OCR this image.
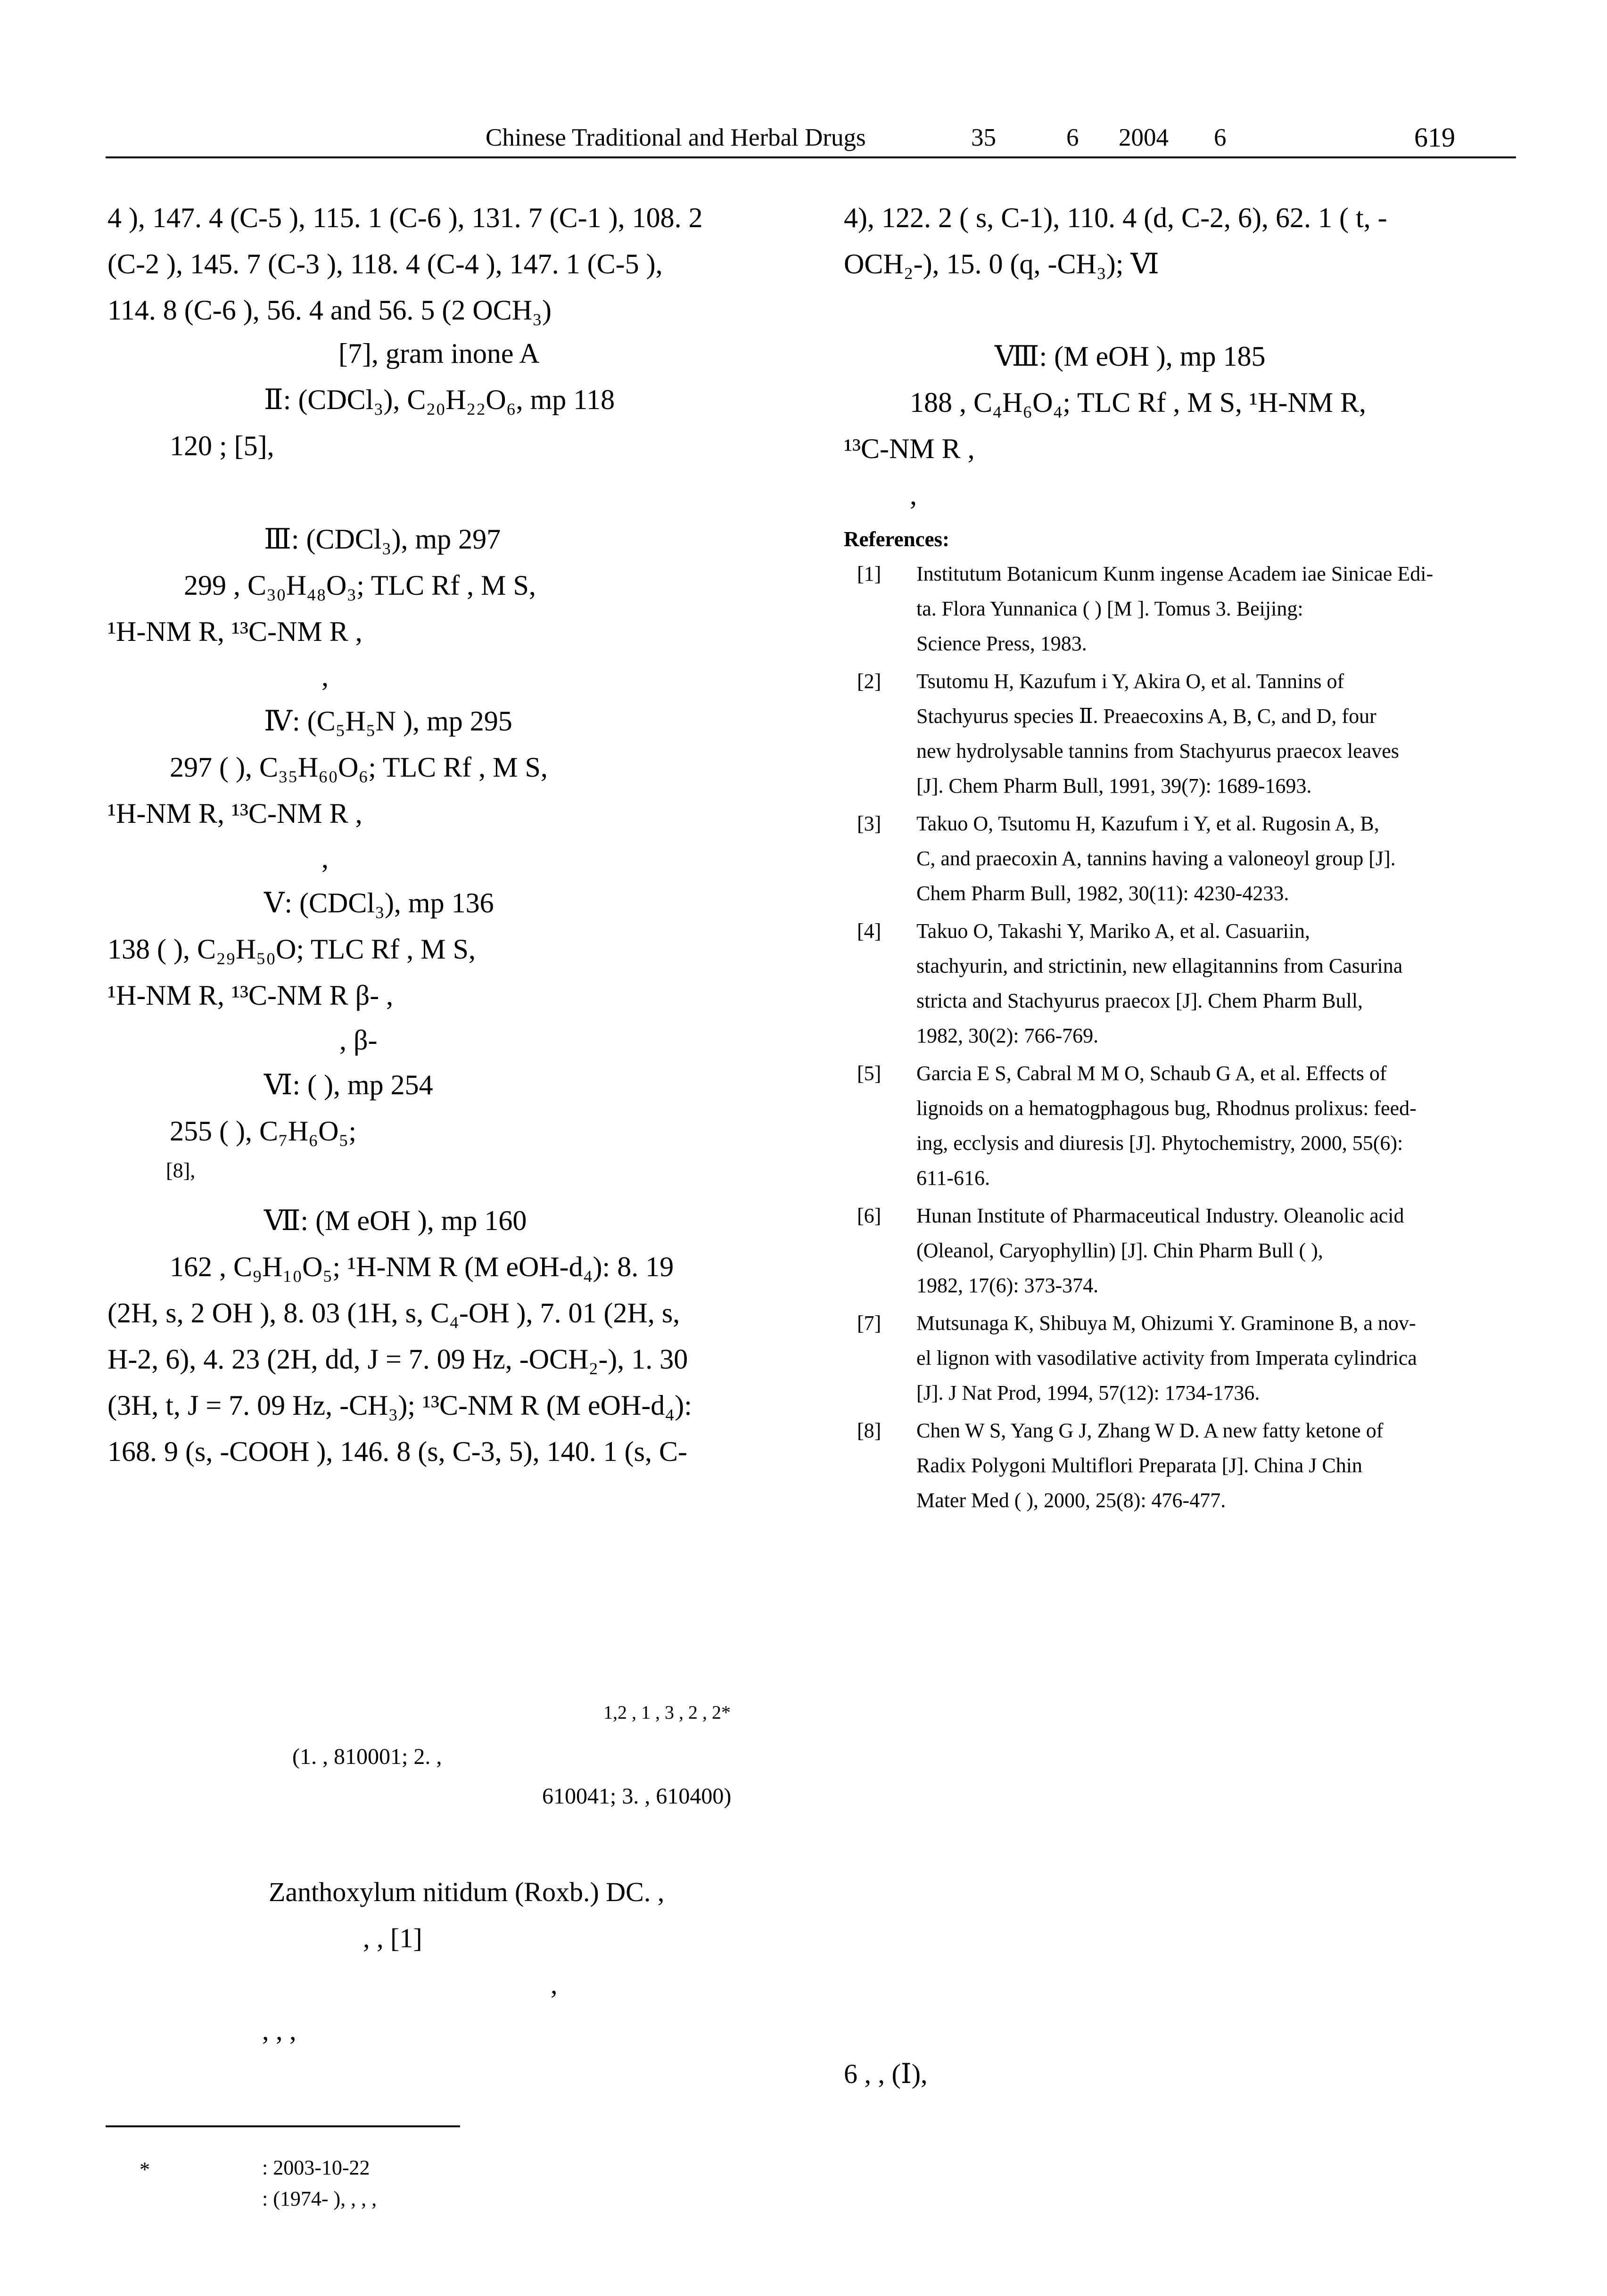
Chinese Traditional and Herbal Drugs	35	6 2004 6	619
4 ), 147. 4 (C-5 ), 115. 1 (C-6 ), 131. 7 (C-1 ), 108. 2
(C-2 ), 145. 7 (C-3 ), 118. 4 (C-4 ), 147. 1 (C-5 ),
114. 8 (C-6 ), 56. 4 and 56. 5 (2 OCH₃)
[7], gram inone A
Ⅱ: (CDCl₃), C₂₀H₂₂O₆, mp 118
120 ; [5],
Ⅲ: (CDCl₃), mp 297
299 , C₃₀H₄₈O₃; TLC Rf , M S,
¹H-NM R, ¹³C-NM R ,
,
Ⅳ: (C₅H₅N ), mp 295
297 ( ), C₃₅H₆₀O₆; TLC Rf , M S,
¹H-NM R, ¹³C-NM R ,
,
Ⅴ: (CDCl₃), mp 136
138 ( ), C₂₉H₅₀O; TLC Rf , M S,
¹H-NM R, ¹³C-NM R β- ,
, β-
Ⅵ: ( ), mp 254
255 ( ), C₇H₆O₅;
[8],
Ⅶ: (M eOH ), mp 160
162 , C₉H₁₀O₅; ¹H-NM R (M eOH-d₄): 8. 19
(2H, s, 2 OH ), 8. 03 (1H, s, C₄-OH ), 7. 01 (2H, s,
H-2, 6), 4. 23 (2H, dd, J = 7. 09 Hz, -OCH₂-), 1. 30
(3H, t, J = 7. 09 Hz, -CH₃); ¹³C-NM R (M eOH-d₄):
168. 9 (s, -COOH ), 146. 8 (s, C-3, 5), 140. 1 (s, C-
4), 122. 2 ( s, C-1), 110. 4 (d, C-2, 6), 62. 1 ( t, -
OCH₂-), 15. 0 (q, -CH₃); Ⅵ
Ⅷ: (M eOH ), mp 185
188 , C₄H₆O₄; TLC Rf , M S, ¹H-NM R,
¹³C-NM R ,
,
References:
[1] Institutum Botanicum Kunm ingense Academ iae Sinicae Edi-
ta. Flora Yunnanica ( ) [M ]. Tomus 3. Beijing:
Science Press, 1983.
[2] Tsutomu H, Kazufum i Y, Akira O, et al. Tannins of
Stachyurus species Ⅱ. Preaecoxins A, B, C, and D, four
new hydrolysable tannins from Stachyurus praecox leaves
[J]. Chem Pharm Bull, 1991, 39(7): 1689-1693.
[3] Takuo O, Tsutomu H, Kazufum i Y, et al. Rugosin A, B,
C, and praecoxin A, tannins having a valoneoyl group [J].
Chem Pharm Bull, 1982, 30(11): 4230-4233.
[4] Takuo O, Takashi Y, Mariko A, et al. Casuariin,
stachyurin, and strictinin, new ellagitannins from Casurina
stricta and Stachyurus praecox [J]. Chem Pharm Bull,
1982, 30(2): 766-769.
[5] Garcia E S, Cabral M M O, Schaub G A, et al. Effects of
lignoids on a hematogphagous bug, Rhodnus prolixus: feed-
ing, ecclysis and diuresis [J]. Phytochemistry, 2000, 55(6):
611-616.
[6] Hunan Institute of Pharmaceutical Industry. Oleanolic acid
(Oleanol, Caryophyllin) [J]. Chin Pharm Bull ( ),
1982, 17(6): 373-374.
[7] Mutsunaga K, Shibuya M, Ohizumi Y. Graminone B, a nov-
el lignon with vasodilative activity from Imperata cylindrica
[J]. J Nat Prod, 1994, 57(12): 1734-1736.
[8] Chen W S, Yang G J, Zhang W D. A new fatty ketone of
Radix Polygoni Multiflori Preparata [J]. China J Chin
Mater Med ( ), 2000, 25(8): 476-477.
1,2 , 1 , 3 , 2 , 2*
(1. , 810001; 2. ,
610041; 3. , 610400)
Zanthoxylum nitidum (Roxb.) DC. ,
, , [1]
,
, , ,
6 , , (Ⅰ),
*	: 2003-10-22
: (1974- ), , , ,
